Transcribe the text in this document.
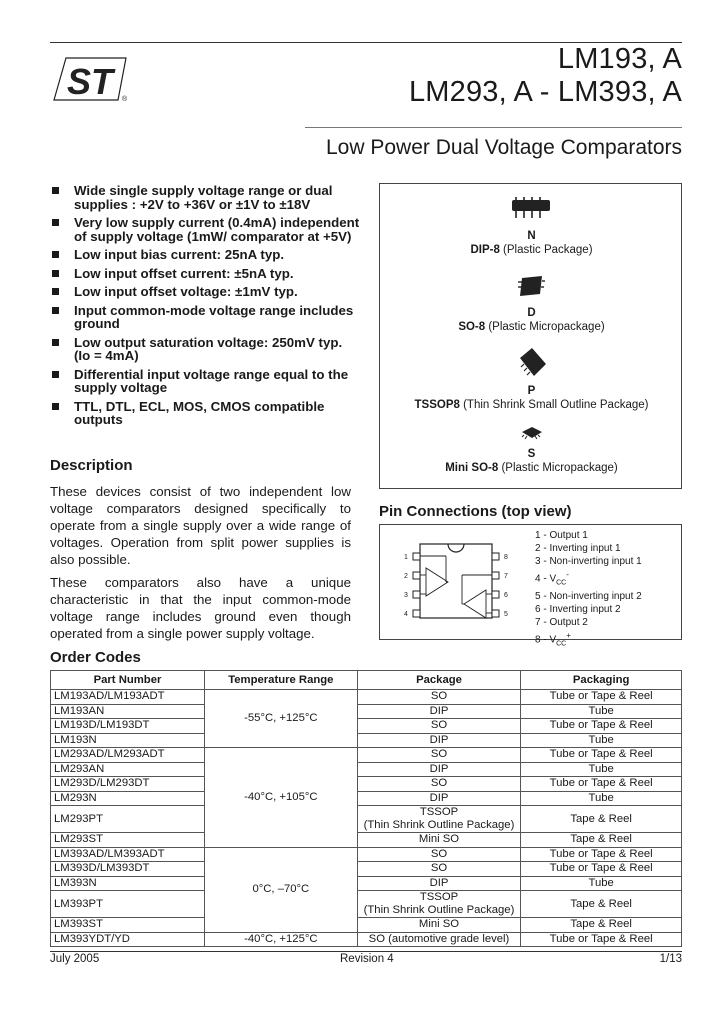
ST	®
LM193, A
LM293, A - LM393, A
Low Power Dual Voltage Comparators
Wide single supply voltage range or dual supplies : +2V to +36V or ±1V to ±18V
Very low supply current (0.4mA) independent of supply voltage (1mW/ comparator at +5V)
Low input bias current: 25nA typ.
Low input offset current: ±5nA typ.
Low input offset voltage: ±1mV typ.
Input common-mode voltage range includes ground
Low output saturation voltage: 250mV typ. (Io = 4mA)
Differential input voltage range equal to the supply voltage
TTL, DTL, ECL, MOS, CMOS compatible outputs
Description
These devices consist of two independent low voltage comparators designed specifically to operate from a single supply over a wide range of voltages. Operation from split power supplies is also possible.
These comparators also have a unique characteristic in that the input common-mode voltage range includes ground even though operated from a single power supply voltage.
N
DIP-8 (Plastic Package)
D
SO-8 (Plastic Micropackage)
P
TSSOP8 (Thin Shrink Small Outline Package)
S
Mini SO-8 (Plastic Micropackage)
Pin Connections (top view)
1
2
3
4
8
7
6
5
1 - Output 1
2 - Inverting input 1
3 - Non-inverting input 1
$4 - V_{CC}^-$
5 - Non-inverting input 2
6 - Inverting input 2
7 - Output 2
$8 - V_{CC}^+$
Order Codes
Part Number	Temperature Range	Package	Packaging
LM193AD/LM193ADT	-55°C, +125°C	SO	Tube or Tape & Reel
LM193AN		DIP	Tube
LM193D/LM193DT		SO	Tube or Tape & Reel
LM193N		DIP	Tube
LM293AD/LM293ADT	-40°C, +105°C	SO	Tube or Tape & Reel
LM293AN		DIP	Tube
LM293D/LM293DT		SO	Tube or Tape & Reel
LM293N		DIP	Tube
LM293PT		TSSOP
(Thin Shrink Outline Package)	Tape & Reel
LM293ST		Mini SO	Tape & Reel
LM393AD/LM393ADT	0°C, –70°C	SO	Tube or Tape & Reel
LM393D/LM393DT		SO	Tube or Tape & Reel
LM393N		DIP	Tube
LM393PT		TSSOP
(Thin Shrink Outline Package)	Tape & Reel
LM393ST		Mini SO	Tape & Reel
LM393YDT/YD	-40°C, +125°C	SO (automotive grade level)	Tube or Tape & Reel
July 2005	Revision 4	1/13
